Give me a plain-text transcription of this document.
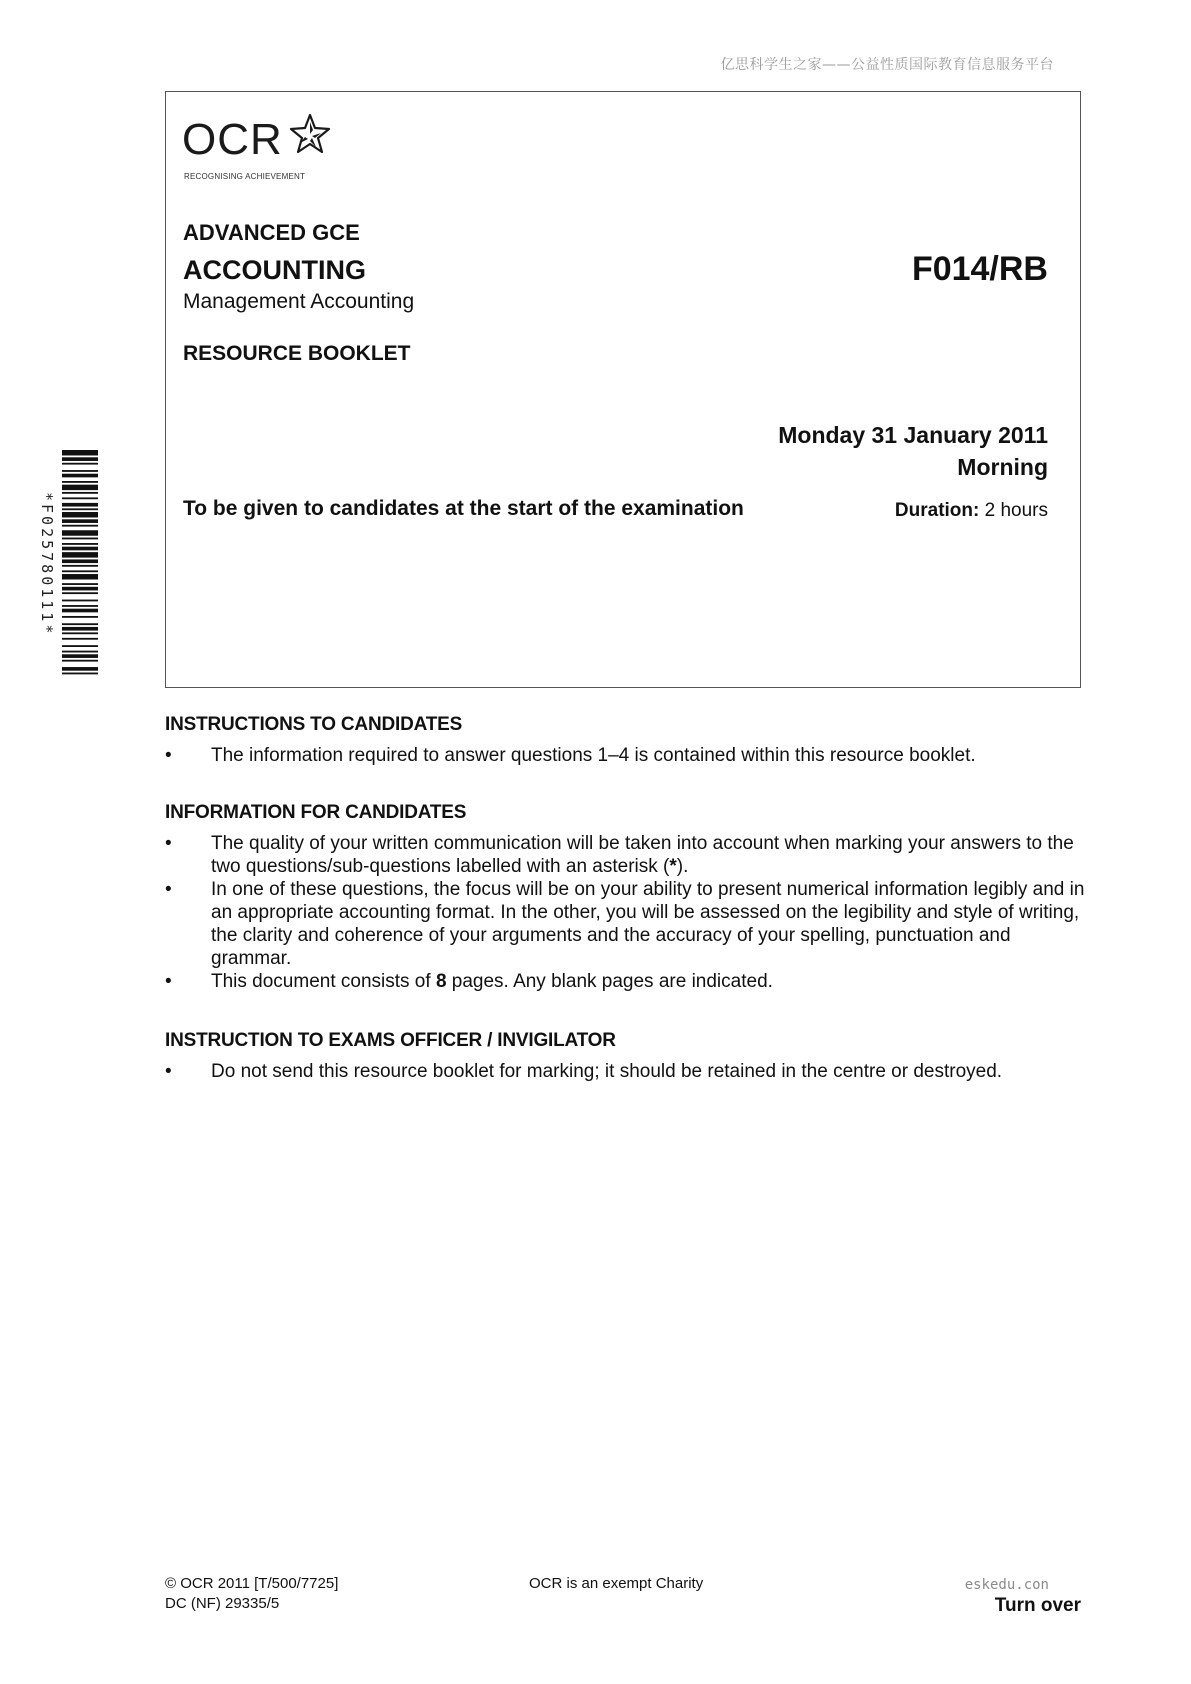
亿思科学生之家——公益性质国际教育信息服务平台
*F025780111*
OCR
RECOGNISING ACHIEVEMENT
ADVANCED GCE
ACCOUNTING
Management Accounting
F014/RB
RESOURCE BOOKLET
Monday 31 January 2011
Morning
To be given to candidates at the start of the examination	Duration: 2 hours
INSTRUCTIONS TO CANDIDATES
• The information required to answer questions 1–4 is contained within this resource booklet.
INFORMATION FOR CANDIDATES
• The quality of your written communication will be taken into account when marking your answers to the two questions/sub-questions labelled with an asterisk (*).
• In one of these questions, the focus will be on your ability to present numerical information legibly and in an appropriate accounting format. In the other, you will be assessed on the legibility and style of writing, the clarity and coherence of your arguments and the accuracy of your spelling, punctuation and grammar.
• This document consists of 8 pages. Any blank pages are indicated.
INSTRUCTION TO EXAMS OFFICER / INVIGILATOR
• Do not send this resource booklet for marking; it should be retained in the centre or destroyed.
© OCR 2011 [T/500/7725]
DC (NF) 29335/5
OCR is an exempt Charity	eskedu.con
Turn over
